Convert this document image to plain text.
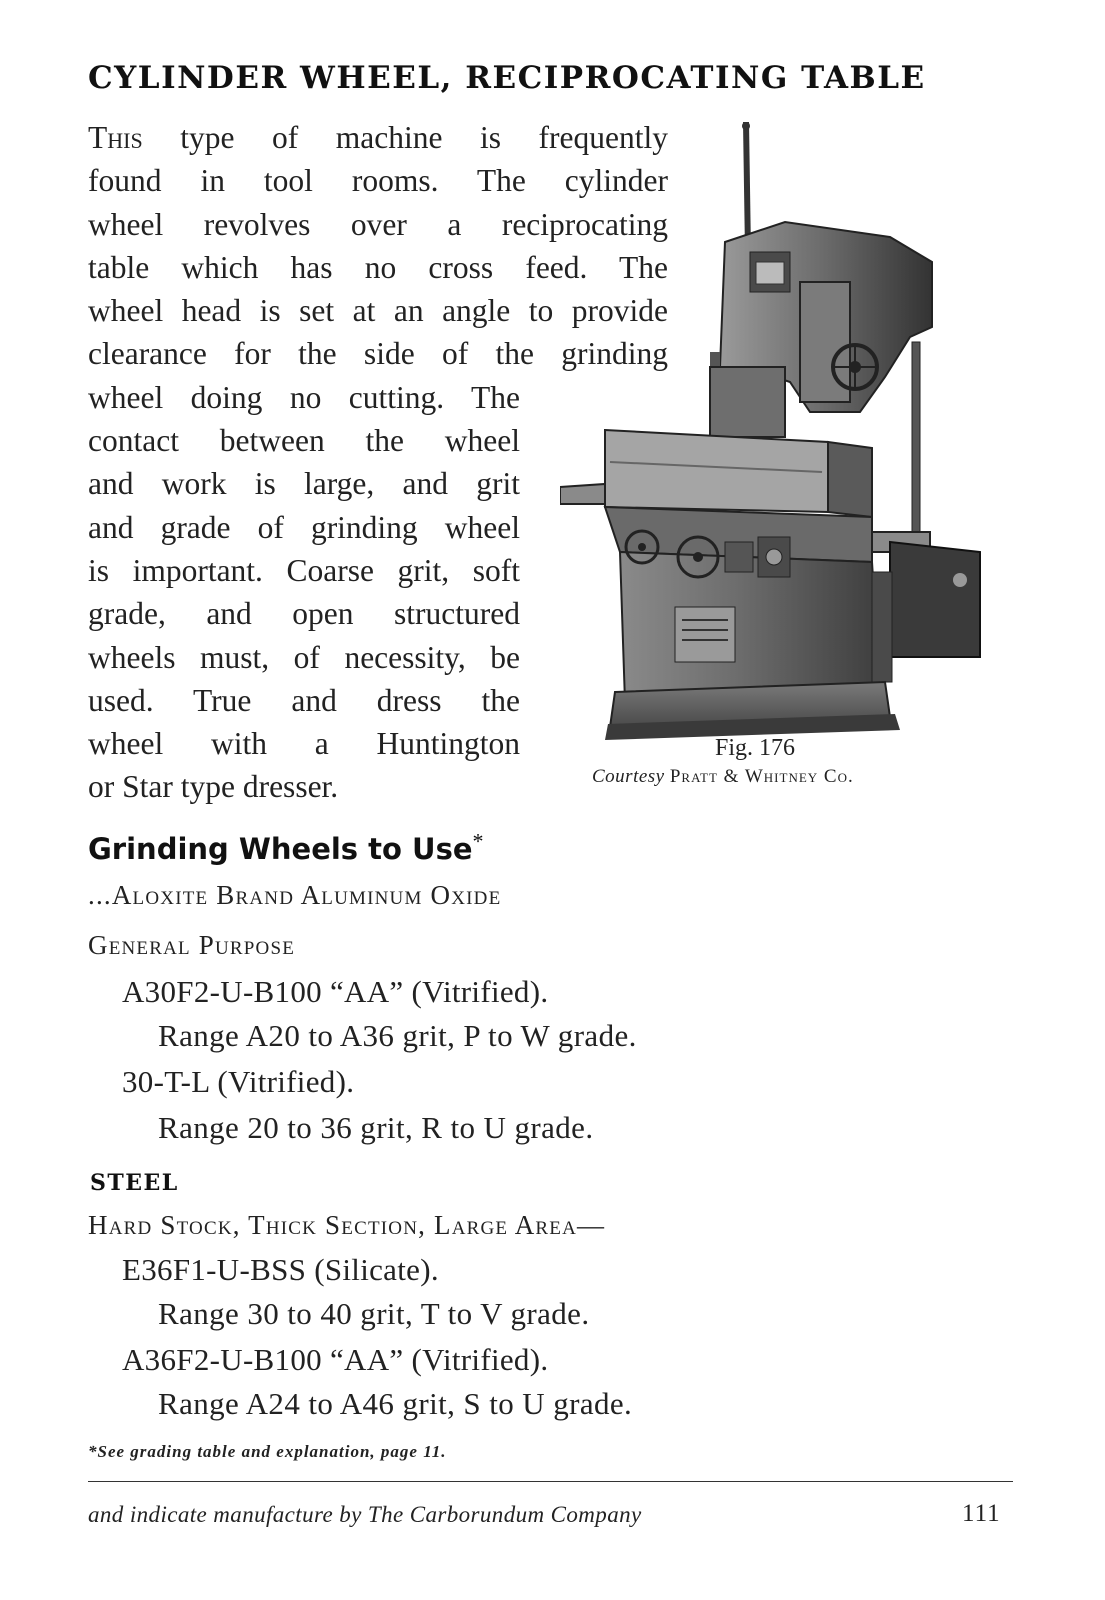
CYLINDER WHEEL, RECIPROCATING TABLE
This type of machine is frequently
found in tool rooms. The cylinder
wheel revolves over a reciprocating
table which has no cross feed. The
wheel head is set at an angle to provide
clearance for the side of the grinding
wheel doing no cutting. The
contact between the wheel
and work is large, and grit
and grade of grinding wheel
is important. Coarse grit, soft
grade, and open structured
wheels must, of necessity, be
used. True and dress the
wheel with a Huntington
or Star type dresser.

Fig. 176

Courtesy Pratt & Whitney Co.

Grinding Wheels to Use*

...Aloxite Brand Aluminum Oxide

General Purpose

A30F2-U-B100 “AA” (Vitrified).

Range A20 to A36 grit, P to W grade.

30-T-L (Vitrified).

Range 20 to 36 grit, R to U grade.

STEEL

Hard Stock, Thick Section, Large Area—

E36F1-U-BSS (Silicate).

Range 30 to 40 grit, T to V grade.

A36F2-U-B100 “AA” (Vitrified).

Range A24 to A46 grit, S to U grade.

*See grading table and explanation, page 11.

and indicate manufacture by The Carborundum Company	111
